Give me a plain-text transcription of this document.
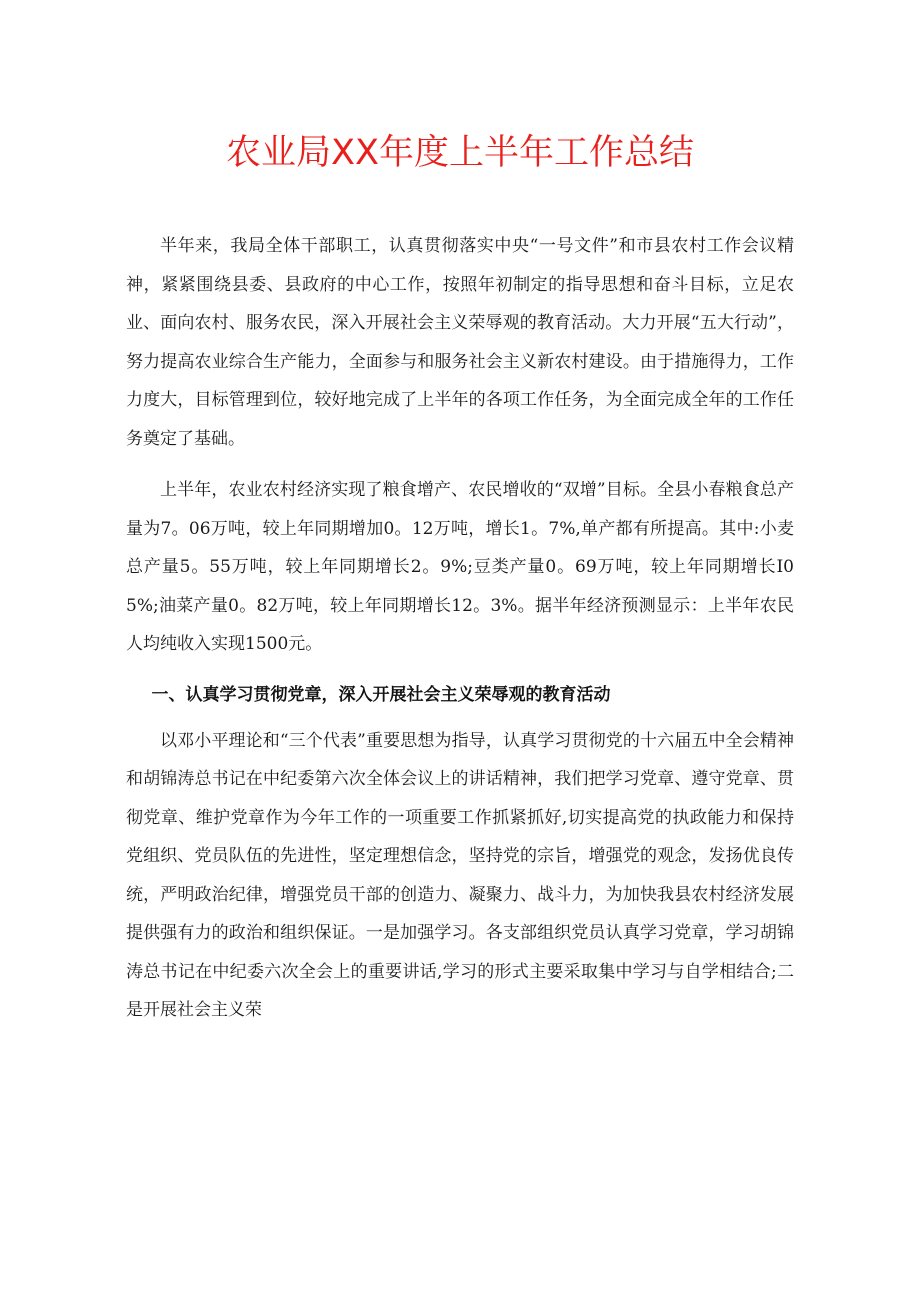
农业局XX年度上半年工作总结

半年来，我局全体干部职工，认真贯彻落实中央“一号文件”和市县农村工作会议精神，紧紧围绕县委、县政府的中心工作，按照年初制定的指导思想和奋斗目标，立足农业、面向农村、服务农民，深入开展社会主义荣辱观的教育活动。大力开展“五大行动”，努力提高农业综合生产能力，全面参与和服务社会主义新农村建设。由于措施得力，工作力度大，目标管理到位，较好地完成了上半年的各项工作任务，为全面完成全年的工作任务奠定了基础。

上半年，农业农村经济实现了粮食增产、农民增收的“双增”目标。全县小春粮食总产量为7。06万吨，较上年同期增加0。12万吨，增长1。7%,单产都有所提高。其中:小麦总产量5。55万吨，较上年同期增长2。9%;豆类产量0。69万吨，较上年同期增长I0 5%;油菜产量0。82万吨，较上年同期增长12。3%。据半年经济预测显示：上半年农民人均纯收入实现1500元。

一、认真学习贯彻党章，深入开展社会主义荣辱观的教育活动

以邓小平理论和“三个代表”重要思想为指导，认真学习贯彻党的十六届五中全会精神和胡锦涛总书记在中纪委第六次全体会议上的讲话精神，我们把学习党章、遵守党章、贯彻党章、维护党章作为今年工作的一项重要工作抓紧抓好,切实提高党的执政能力和保持党组织、党员队伍的先进性，坚定理想信念，坚持党的宗旨，增强党的观念，发扬优良传统，严明政治纪律，增强党员干部的创造力、凝聚力、战斗力，为加快我县农村经济发展提供强有力的政治和组织保证。一是加强学习。各支部组织党员认真学习党章，学习胡锦涛总书记在中纪委六次全会上的重要讲话,学习的形式主要采取集中学习与自学相结合;二是开展社会主义荣
